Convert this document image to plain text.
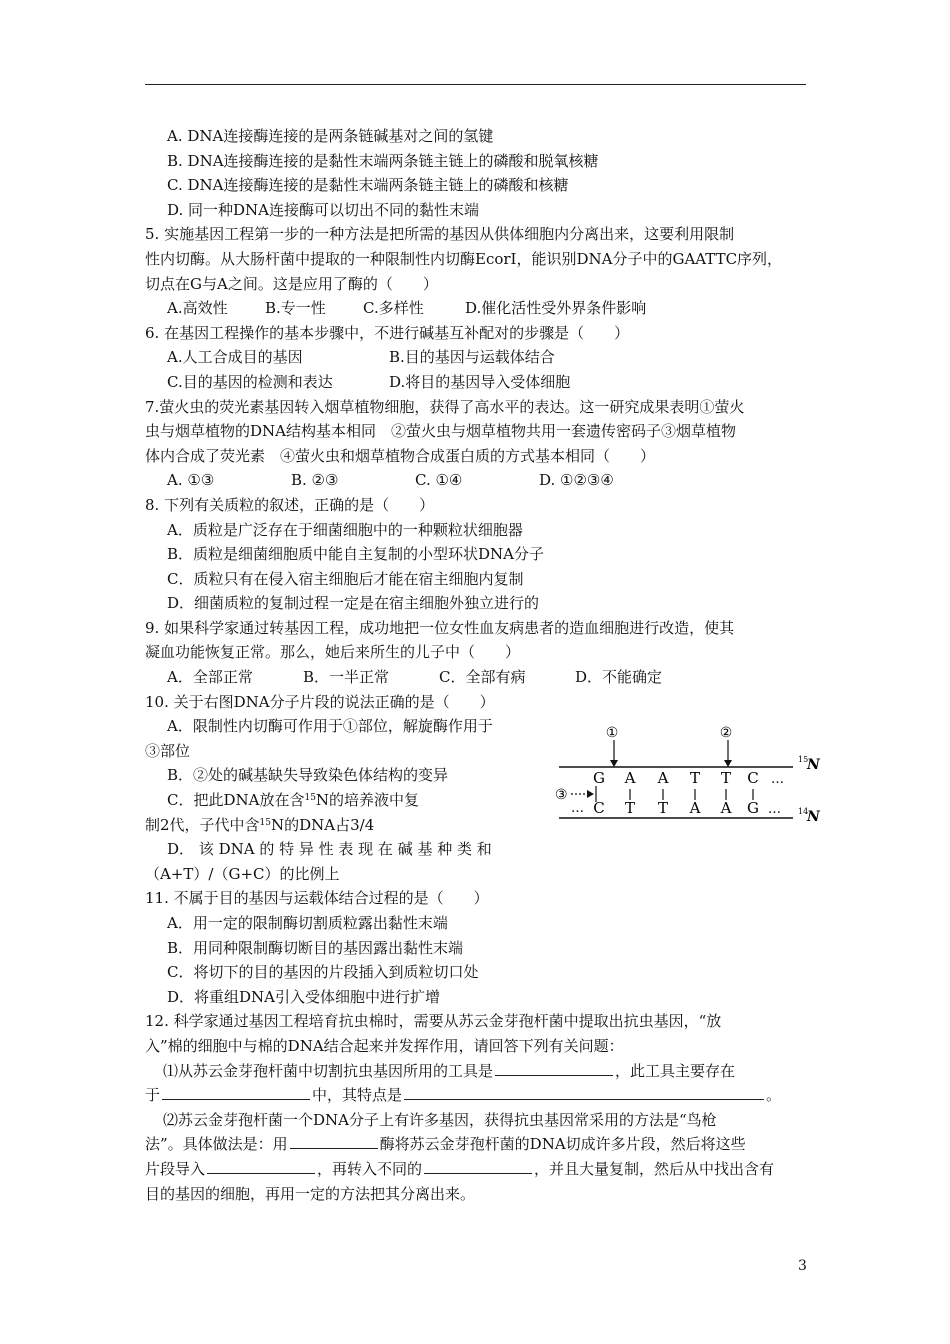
A. DNA连接酶连接的是两条链碱基对之间的氢键
B. DNA连接酶连接的是黏性末端两条链主链上的磷酸和脱氧核糖
C. DNA连接酶连接的是黏性末端两条链主链上的磷酸和核糖
D. 同一种DNA连接酶可以切出不同的黏性末端
5. 实施基因工程第一步的一种方法是把所需的基因从供体细胞内分离出来，这要利用限制
性内切酶。从大肠杆菌中提取的一种限制性内切酶EcorI，能识别DNA分子中的GAATTC序列，
切点在G与A之间。这是应用了酶的（　　）
A.高效性 B.专一性 C.多样性	D.催化活性受外界条件影响
6. 在基因工程操作的基本步骤中，不进行碱基互补配对的步骤是（　　）
A.人工合成目的基因	B.目的基因与运载体结合
C.目的基因的检测和表达	D.将目的基因导入受体细胞
7.萤火虫的荧光素基因转入烟草植物细胞，获得了高水平的表达。这一研究成果表明①萤火
虫与烟草植物的DNA结构基本相同　②萤火虫与烟草植物共用一套遗传密码子③烟草植物
体内合成了荧光素　④萤火虫和烟草植物合成蛋白质的方式基本相同（　　）
A. ①③	B. ②③	C. ①④	D. ①②③④
8. 下列有关质粒的叙述，正确的是（　　）
A．质粒是广泛存在于细菌细胞中的一种颗粒状细胞器
B．质粒是细菌细胞质中能自主复制的小型环状DNA分子
C．质粒只有在侵入宿主细胞后才能在宿主细胞内复制
D．细菌质粒的复制过程一定是在宿主细胞外独立进行的
9. 如果科学家通过转基因工程，成功地把一位女性血友病患者的造血细胞进行改造，使其
凝血功能恢复正常。那么，她后来所生的儿子中（　　）
A．全部正常	B．一半正常	C．全部有病	D．不能确定
10. 关于右图DNA分子片段的说法正确的是（　　）
A．限制性内切酶可作用于①部位，解旋酶作用于
③部位
B．②处的碱基缺失导致染色体结构的变异
C．把此DNA放在含$^{15}$N的培养液中复
制2代，子代中含$^{15}$N的DNA占3/4
D． 该 DNA 的 特 异 性 表 现 在 碱 基 种 类 和
（A+T）/（G+C）的比例上
11. 不属于目的基因与运载体结合过程的是（　　）
A．用一定的限制酶切割质粒露出黏性末端
B．用同种限制酶切断目的基因露出黏性末端
C．将切下的目的基因的片段插入到质粒切口处
D．将重组DNA引入受体细胞中进行扩增
12. 科学家通过基因工程培育抗虫棉时，需要从苏云金芽孢杆菌中提取出抗虫基因，“放
入”棉的细胞中与棉的DNA结合起来并发挥作用，请回答下列有关问题：
⑴从苏云金芽孢杆菌中切割抗虫基因所用的工具是	，此工具主要存在
于	中，其特点是	。
⑵苏云金芽孢杆菌一个DNA分子上有许多基因，获得抗虫基因常采用的方法是“鸟枪
法”。具体做法是：用	酶将苏云金芽孢杆菌的DNA切成许多片段，然后将这些
片段导入	，再转入不同的	，并且大量复制，然后从中找出含有
目的基因的细胞，再用一定的方法把其分离出来。
①	②
G A A T T C …
③
… C T T A A G …
15
N
14
N
3
